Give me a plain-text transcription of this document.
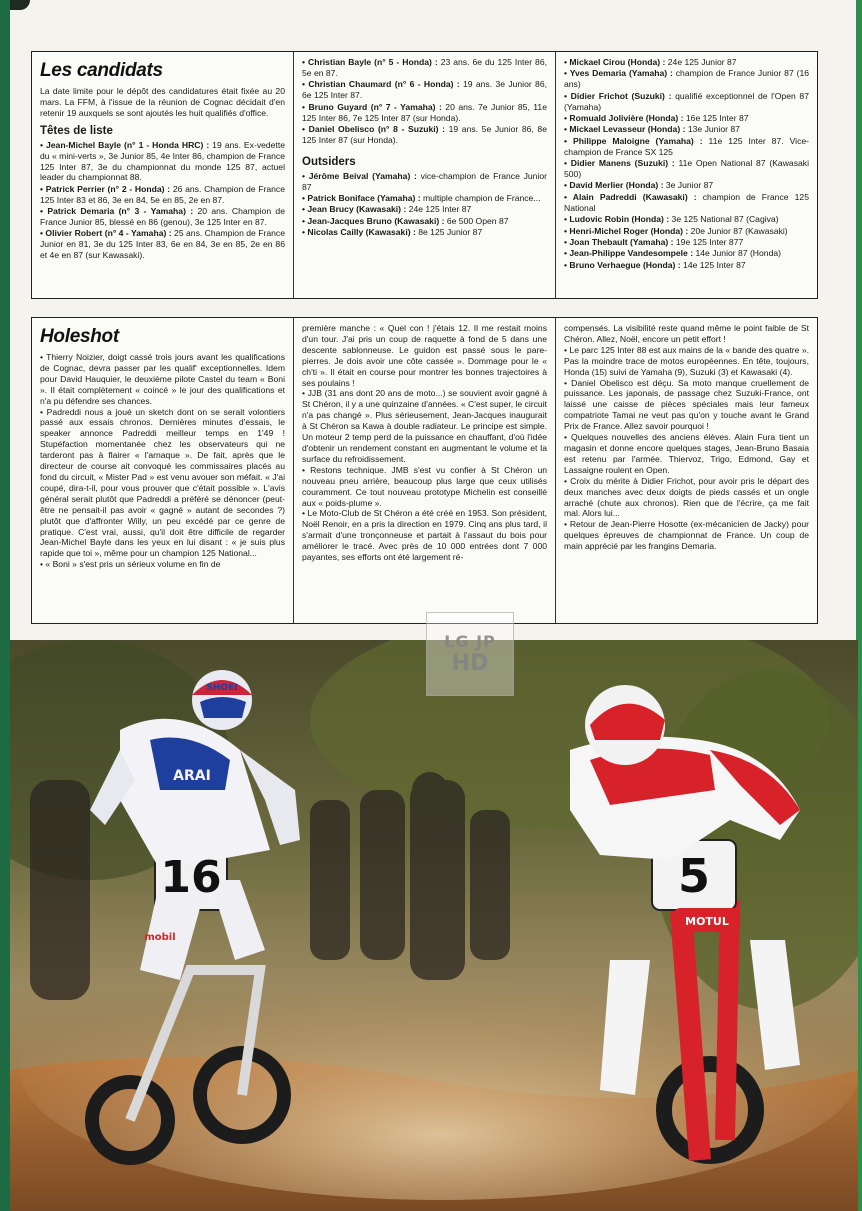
Les candidats

La date limite pour le dépôt des candidatures était fixée au 20 mars. La FFM, à l'issue de la réunion de Cognac décidait d'en retenir 19 auxquels se sont ajoutés les huit qualifiés d'office.

Têtes de liste

• Jean-Michel Bayle (n° 1 - Honda HRC) : 19 ans. Ex-vedette du « mini-verts », 3e Junior 85, 4e Inter 86, champion de France 125 Inter 87, 3e du championnat du monde 125 87, actuel leader du championnat 88.

• Patrick Perrier (n° 2 - Honda) : 26 ans. Champion de France 125 Inter 83 et 86, 3e en 84, 5e en 85, 2e en 87.

• Patrick Demaria (n° 3 - Yamaha) : 20 ans. Champion de France Junior 85, blessé en 86 (genou), 3e 125 Inter en 87.

• Olivier Robert (n° 4 - Yamaha) : 25 ans. Champion de France Junior en 81, 3e du 125 Inter 83, 6e en 84, 3e en 85, 2e en 86 et 4e en 87 (sur Kawasaki).

• Christian Bayle (n° 5 - Honda) : 23 ans. 6e du 125 Inter 86, 5e en 87.

• Christian Chaumard (n° 6 - Honda) : 19 ans. 3e Junior 86, 6e 125 Inter 87.

• Bruno Guyard (n° 7 - Yamaha) : 20 ans. 7e Junior 85, 11e 125 Inter 86, 7e 125 Inter 87 (sur Honda).

• Daniel Obelisco (n° 8 - Suzuki) : 19 ans. 5e Junior 86, 8e 125 Inter 87 (sur Honda).

Outsiders

• Jérôme Beival (Yamaha) : vice-champion de France Junior 87

• Patrick Boniface (Yamaha) : multiple champion de France...

• Jean Brucy (Kawasaki) : 24e 125 Inter 87

• Jean-Jacques Bruno (Kawasaki) : 6e 500 Open 87

• Nicolas Cailly (Kawasaki) : 8e 125 Junior 87

• Mickael Cirou (Honda) : 24e 125 Junior 87

• Yves Demaria (Yamaha) : champion de France Junior 87 (16 ans)

• Didier Frichot (Suzuki) : qualifié exceptionnel de l'Open 87 (Yamaha)

• Romuald Jolivière (Honda) : 16e 125 Inter 87

• Mickael Levasseur (Honda) : 13e Junior 87

• Philippe Maloigne (Yamaha) : 11e 125 Inter 87. Vice-champion de France SX 125

• Didier Manens (Suzuki) : 11e Open National 87 (Kawasaki 500)

• David Merlier (Honda) : 3e Junior 87

• Alain Padreddi (Kawasaki) : champion de France 125 National

• Ludovic Robin (Honda) : 3e 125 National 87 (Cagiva)

• Henri-Michel Roger (Honda) : 20e Junior 87 (Kawasaki)

• Joan Thebault (Yamaha) : 19e 125 Inter 877

• Jean-Philippe Vandesompele : 14e Junior 87 (Honda)

• Bruno Verhaegue (Honda) : 14e 125 Inter 87

Holeshot

• Thierry Noizier, doigt cassé trois jours avant les qualifications de Cognac, devra passer par les qualif' exceptionnelles. Idem pour David Hauquier, le deuxième pilote Castel du team « Boni ». Il était complètement « coincé » le jour des qualifications et n'a pu défendre ses chances.

• Padreddi nous a joué un sketch dont on se serait volontiers passé aux essais chronos. Dernières minutes d'essais, le speaker annonce Padreddi meilleur temps en 1'49 ! Stupéfaction momentanée chez les observateurs qui ne tarderont pas à flairer « l'arnaque ». De fait, après que le directeur de course ait convoqué les commissaires placés au fond du circuit, « Mister Pad » est venu avouer son méfait. « J'ai coupé, dira-t-il, pour vous prouver que c'était possible ». L'avis général serait plutôt que Padreddi a préféré se dénoncer (peut-être ne pensait-il pas avoir « gagné » autant de secondes ?) plutôt que d'affronter Willy, un peu excédé par ce genre de pratique. C'est vrai, aussi, qu'il doit être difficile de regarder Jean-Michel Bayle dans les yeux en lui disant : « je suis plus rapide que toi », même pour un champion 125 National...

• « Boni » s'est pris un sérieux volume en fin de

première manche : « Quel con ! j'étais 12. Il me restait moins d'un tour. J'ai pris un coup de raquette à fond de 5 dans une descente sablonneuse. Le guidon est passé sous le pare-pierres. Je dois avoir une côte cassée ». Dommage pour le « ch'ti ». Il était en course pour montrer les bonnes trajectoires à ses poulains !

• JJB (31 ans dont 20 ans de moto...) se souvient avoir gagné à St Chéron, il y a une quinzaine d'années. « C'est super, le circuit n'a pas changé ». Plus sérieusement, Jean-Jacques inaugurait à St Chéron sa Kawa à double radiateur. Le principe est simple. Un moteur 2 temp perd de la puissance en chauffant, d'où l'idée d'obtenir un rendement constant en augmentant le volume et la surface du refroidissement.

• Restons technique. JMB s'est vu confier à St Chéron un nouveau pneu arrière, beaucoup plus large que ceux utilisés couramment. Ce tout nouveau prototype Michelin est conseillé aux « poids-plume ».

• Le Moto-Club de St Chéron a été créé en 1953. Son président, Noël Renoir, en a pris la direction en 1979. Cinq ans plus tard, il s'armait d'une tronçonneuse et partait à l'assaut du bois pour améliorer le tracé. Avec près de 10 000 entrées dont 7 000 payantes, ses efforts ont été largement ré-

compensés. La visibilité reste quand même le point faible de St Chéron. Allez, Noël, encore un petit effort !

• Le parc 125 Inter 88 est aux mains de la « bande des quatre ». Pas la moindre trace de motos européennes. En tête, toujours, Honda (15) suivi de Yamaha (9), Suzuki (3) et Kawasaki (4).

• Daniel Obelisco est déçu. Sa moto manque cruellement de puissance. Les japonais, de passage chez Suzuki-France, ont laissé une caisse de pièces spéciales mais leur fameux compatriote Tamai ne veut pas qu'on y touche avant le Grand Prix de France. Allez savoir pourquoi !

• Quelques nouvelles des anciens élèves. Alain Fura tient un magasin et donne encore quelques stages, Jean-Bruno Basaia est retenu par l'armée. Thiervoz, Trigo, Edmond, Gay et Lassaigne roulent en Open.

• Croix du mérite à Didier Frichot, pour avoir pris le départ des deux manches avec deux doigts de pieds cassés et un ongle arraché (chute aux chronos). Rien que de l'écrire, ça me fait mal. Alors lui...

• Retour de Jean-Pierre Hosotte (ex-mécanicien de Jacky) pour quelques épreuves de championnat de France. Un coup de main apprécié par les frangins Demaria.

16	5
SHOEI
ARAI	HONDA
MOTUL
mobil
LG JP
HD
